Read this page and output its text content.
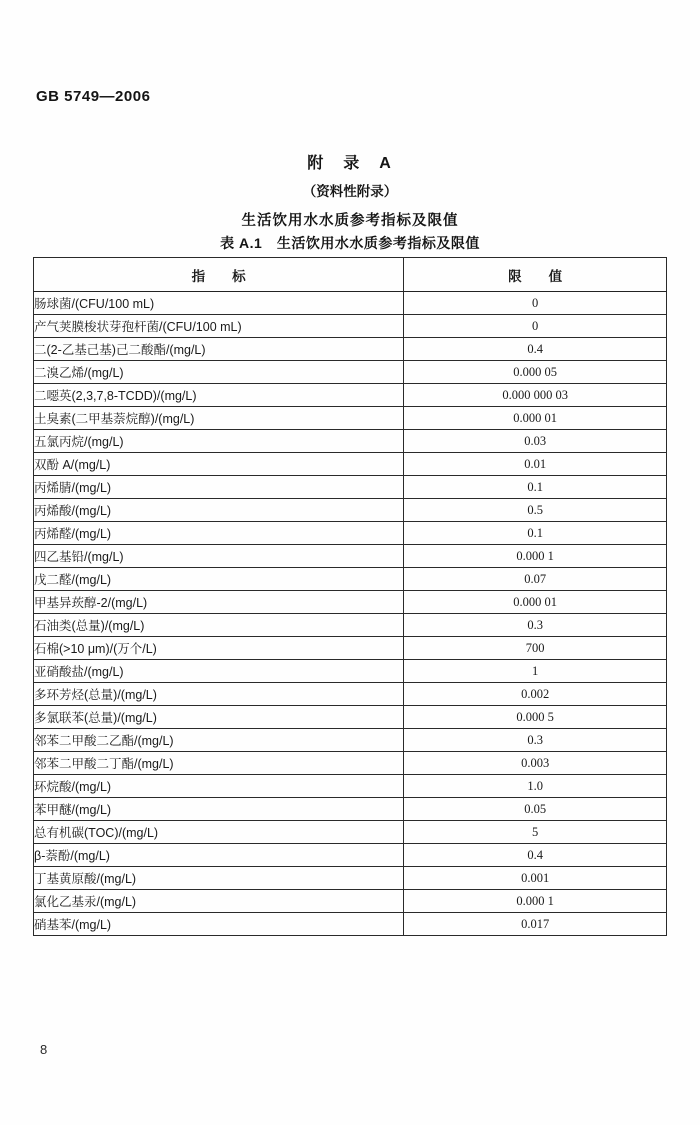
GB 5749—2006
附　录　A
（资料性附录）
生活饮用水水质参考指标及限值
表 A.1　生活饮用水水质参考指标及限值
指　　标	限　　值
肠球菌/(CFU/100 mL)	0
产气荚膜梭状芽孢杆菌/(CFU/100 mL)	0
二(2-乙基己基)己二酸酯/(mg/L)	0.4
二溴乙烯/(mg/L)	0.000 05
二噁英(2,3,7,8-TCDD)/(mg/L)	0.000 000 03
土臭素(二甲基萘烷醇)/(mg/L)	0.000 01
五氯丙烷/(mg/L)	0.03
双酚 A/(mg/L)	0.01
丙烯腈/(mg/L)	0.1
丙烯酸/(mg/L)	0.5
丙烯醛/(mg/L)	0.1
四乙基铅/(mg/L)	0.000 1
戊二醛/(mg/L)	0.07
甲基异莰醇-2/(mg/L)	0.000 01
石油类(总量)/(mg/L)	0.3
石棉(>10 μm)/(万个/L)	700
亚硝酸盐/(mg/L)	1
多环芳烃(总量)/(mg/L)	0.002
多氯联苯(总量)/(mg/L)	0.000 5
邻苯二甲酸二乙酯/(mg/L)	0.3
邻苯二甲酸二丁酯/(mg/L)	0.003
环烷酸/(mg/L)	1.0
苯甲醚/(mg/L)	0.05
总有机碳(TOC)/(mg/L)	5
β-萘酚/(mg/L)	0.4
丁基黄原酸/(mg/L)	0.001
氯化乙基汞/(mg/L)	0.000 1
硝基苯/(mg/L)	0.017
8
